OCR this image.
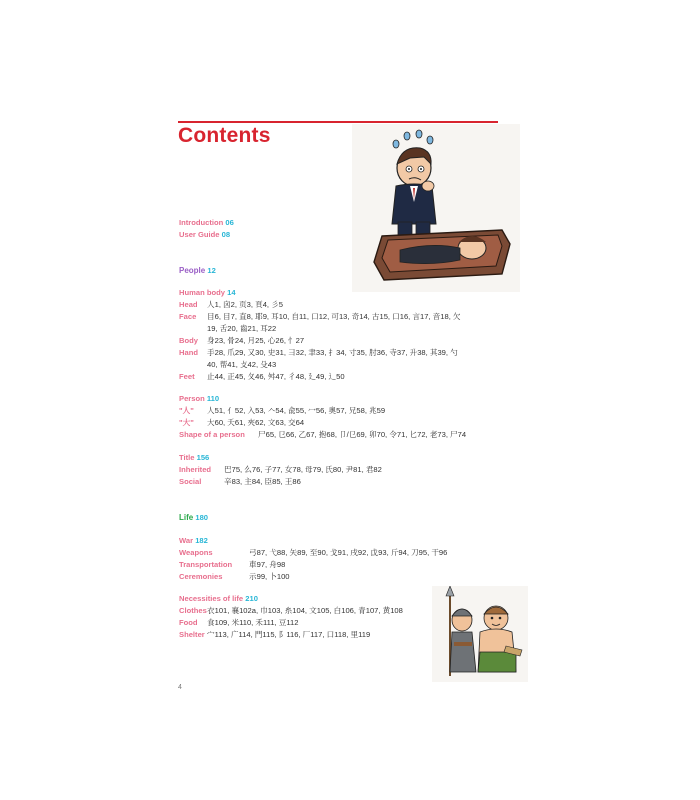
Contents
Introduction 06
User Guide 08
People 12
Human body 14
Head	人1, 囟2, 页3, 頁4, 彡5
Face	目6, 目7, 直8, 耶9, 耳10, 自11, 口12, 可13, 奇14, 古15, 口16, 言17, 音18, 欠19, 舌20, 齒21, 耳22
Body	身23, 骨24, 月25, 心26, 忄27
Hand	手28, 爪29, 又30, 史31, 彐32, 聿33, 扌34, 寸35, 肘36, 寺37, 升38, 其39, 勺40, 帮41, 攴42, 殳43
Feet	止44, 正45, 夂46, 舛47, 彳48, 廴49, 辶50
Person 110
"人"	人51, 亻52, 入53, 𠆢54, 兪55, 冖56, 奧57, 兄58, 兆59
"大"	大60, 夭61, 夾62, 文63, 交64
Shape of a person	尸65, 㔾66, 乙67, 抱68, 卩/㔾69, 卯70, 令71, 匕72, 老73, 尸74
Title 156
Inherited	巴75, 么76, 子77, 女78, 母79, 氏80, 尹81, 君82
Social	辛83, 主84, 臣85, 王86
Life 180
War 182
Weapons	弓87, 弋88, 矢89, 至90, 戈91, 戌92, 戉93, 斤94, 刀95, 干96
Transportation	車97, 舟98
Ceremonies	示99, 卜100
Necessities of life 210
Clothes 衣101, 襄102a, 巾103, 糸104, 文105, 白106, 青107, 黄108
Food	食109, 米110, 禾111, 豆112
Shelter 宀113, 广114, 門115, 阝116, 厂117, 口118, 里119
4
